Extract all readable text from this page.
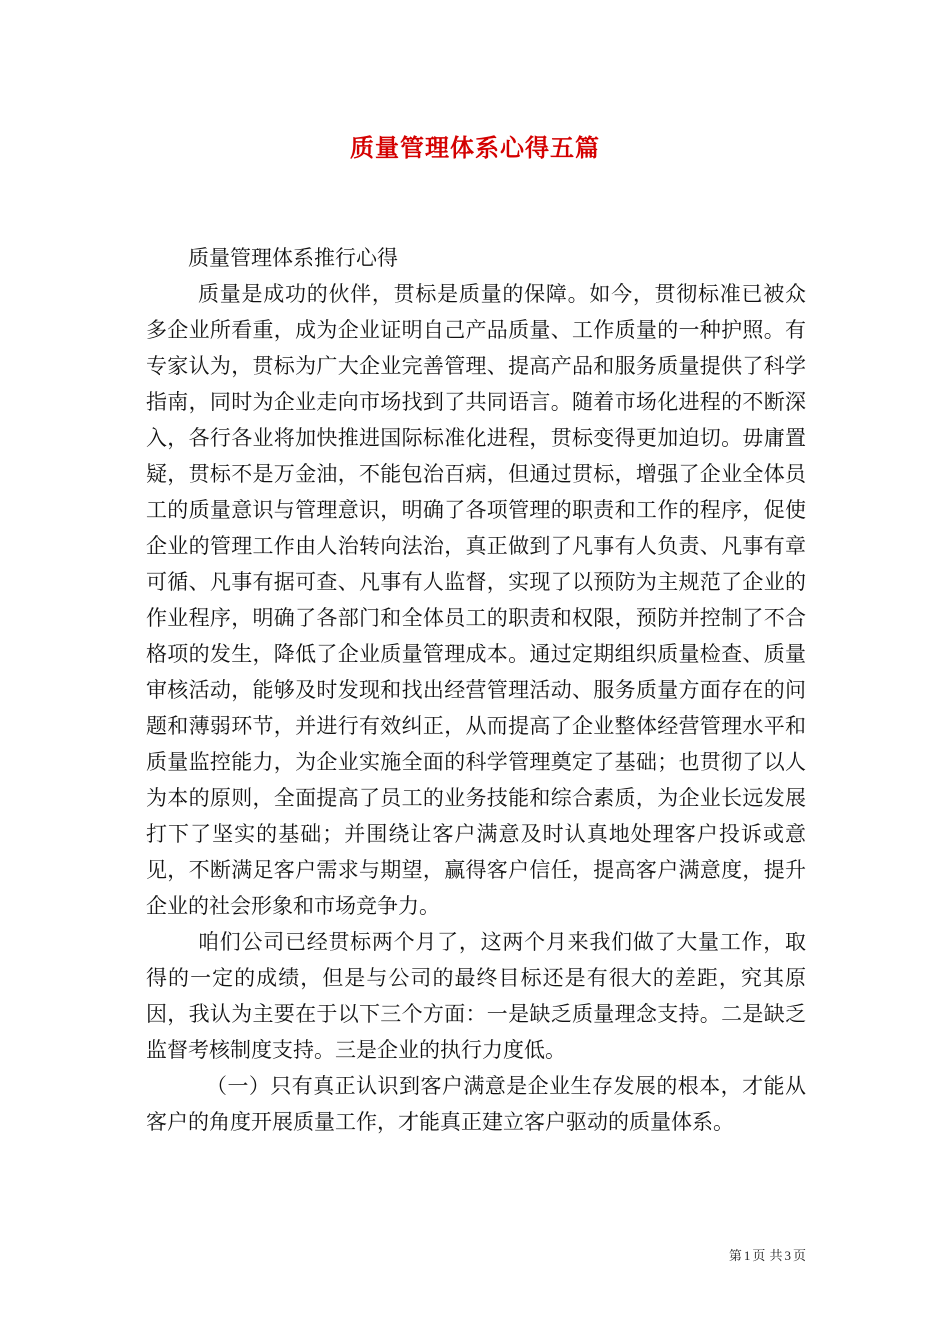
质量管理体系心得五篇

质量管理体系推行心得

质量是成功的伙伴，贯标是质量的保障。如今，贯彻标准已被众多企业所看重，成为企业证明自己产品质量、工作质量的一种护照。有专家认为，贯标为广大企业完善管理、提高产品和服务质量提供了科学指南，同时为企业走向市场找到了共同语言。随着市场化进程的不断深入，各行各业将加快推进国际标准化进程，贯标变得更加迫切。毋庸置疑，贯标不是万金油，不能包治百病，但通过贯标，增强了企业全体员工的质量意识与管理意识，明确了各项管理的职责和工作的程序，促使企业的管理工作由人治转向法治，真正做到了凡事有人负责、凡事有章可循、凡事有据可查、凡事有人监督，实现了以预防为主规范了企业的作业程序，明确了各部门和全体员工的职责和权限，预防并控制了不合格项的发生，降低了企业质量管理成本。通过定期组织质量检查、质量审核活动，能够及时发现和找出经营管理活动、服务质量方面存在的问题和薄弱环节，并进行有效纠正，从而提高了企业整体经营管理水平和质量监控能力，为企业实施全面的科学管理奠定了基础；也贯彻了以人为本的原则，全面提高了员工的业务技能和综合素质，为企业长远发展打下了坚实的基础；并围绕让客户满意及时认真地处理客户投诉或意见，不断满足客户需求与期望，赢得客户信任，提高客户满意度，提升企业的社会形象和市场竞争力。

咱们公司已经贯标两个月了，这两个月来我们做了大量工作，取得的一定的成绩，但是与公司的最终目标还是有很大的差距，究其原因，我认为主要在于以下三个方面：一是缺乏质量理念支持。二是缺乏监督考核制度支持。三是企业的执行力度低。

（一）只有真正认识到客户满意是企业生存发展的根本，才能从客户的角度开展质量工作，才能真正建立客户驱动的质量体系。

第 1 页 共 3 页
